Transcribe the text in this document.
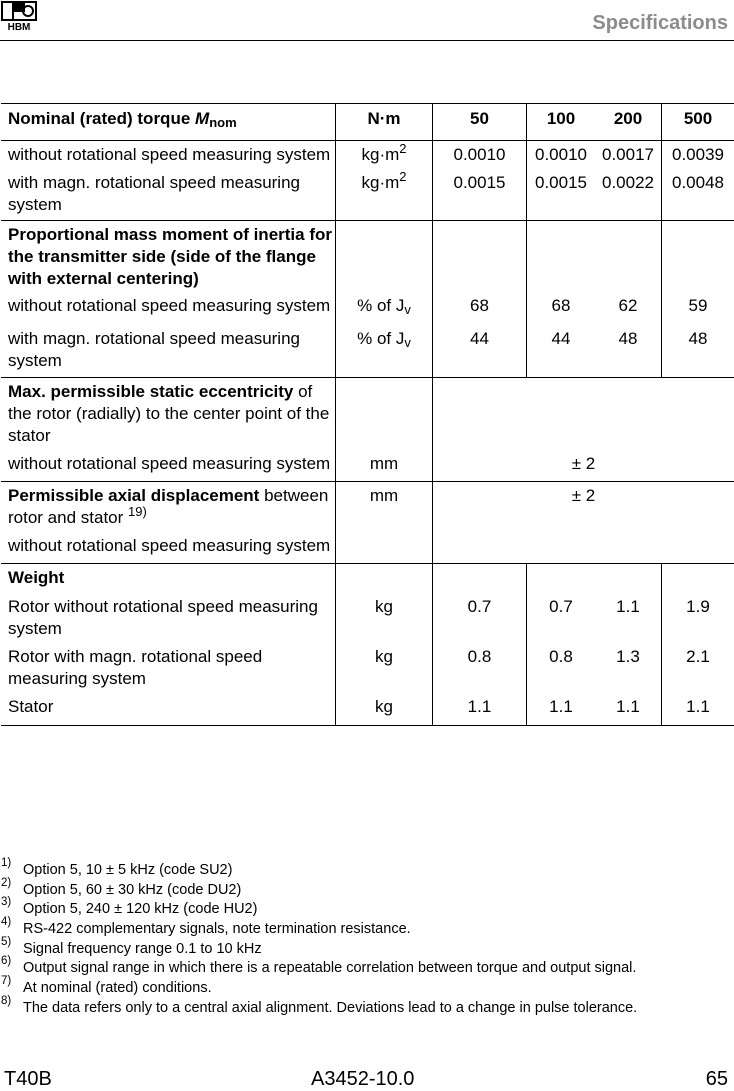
HBM	Specifications
Nominal (rated) torque $M_{nom}$	N·m	50	100	200	500
without rotational speed measuring system	$kg\cdot m^2$	0.0010	0.0010	0.0017	0.0039
with magn. rotational speed measuring system	$kg\cdot m^2$	0.0015	0.0015	0.0022	0.0048
Proportional mass moment of inertia for the transmitter side (side of the flange with external centering)					
without rotational speed measuring system	% of $J_v$	68	68	62	59
with magn. rotational speed measuring system	% of $J_v$	44	44	48	48
Max. permissible static eccentricity of the rotor (radially) to the center point of the stator					
without rotational speed measuring system	mm	± 2			
Permissible axial displacement between rotor and stator $^{19)}$	mm	± 2			
without rotational speed measuring system					
Weight					
Rotor without rotational speed measuring system	kg	0.7	0.7	1.1	1.9
Rotor with magn. rotational speed measuring system	kg	0.8	0.8	1.3	2.1
Stator	kg	1.1	1.1	1.1	1.1
1) Option 5, 10 ± 5 kHz (code SU2)
2) Option 5, 60 ± 30 kHz (code DU2)
3) Option 5, 240 ± 120 kHz (code HU2)
4) RS-422 complementary signals, note termination resistance.
5) Signal frequency range 0.1 to 10 kHz
6) Output signal range in which there is a repeatable correlation between torque and output signal.
7) At nominal (rated) conditions.
8) The data refers only to a central axial alignment. Deviations lead to a change in pulse tolerance.
T40B	A3452-10.0	65
